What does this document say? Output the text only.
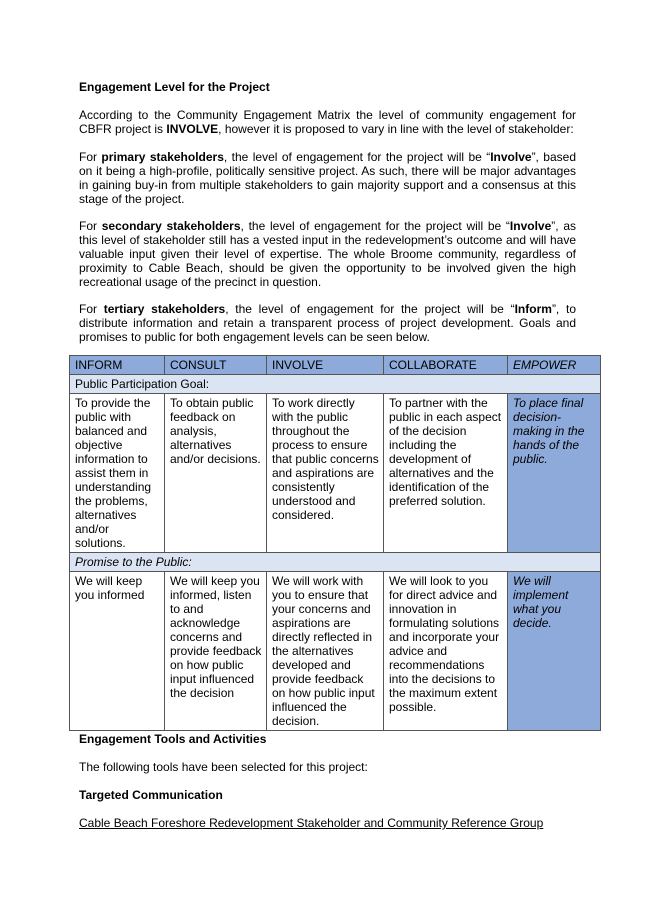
Engagement Level for the Project
According to the Community Engagement Matrix the level of community engagement for CBFR project is INVOLVE, however it is proposed to vary in line with the level of stakeholder:
For primary stakeholders, the level of engagement for the project will be “Involve”, based on it being a high-profile, politically sensitive project. As such, there will be major advantages in gaining buy-in from multiple stakeholders to gain majority support and a consensus at this stage of the project.
For secondary stakeholders, the level of engagement for the project will be “Involve”, as this level of stakeholder still has a vested input in the redevelopment’s outcome and will have valuable input given their level of expertise. The whole Broome community, regardless of proximity to Cable Beach, should be given the opportunity to be involved given the high recreational usage of the precinct in question.
For tertiary stakeholders, the level of engagement for the project will be “Inform”, to distribute information and retain a transparent process of project development. Goals and promises to public for both engagement levels can be seen below.
INFORM	CONSULT	INVOLVE	COLLABORATE	EMPOWER
Public Participation Goal:				
To provide the public with balanced and objective information to assist them in understanding the problems, alternatives and/or solutions.	To obtain public feedback on analysis, alternatives and/or decisions.	To work directly with the public throughout the process to ensure that public concerns and aspirations are consistently understood and considered.	To partner with the public in each aspect of the decision including the development of alternatives and the identification of the preferred solution.	To place final decision-making in the hands of the public.
Promise to the Public:				
We will keep you informed	We will keep you informed, listen to and acknowledge concerns and provide feedback on how public input influenced the decision	We will work with you to ensure that your concerns and aspirations are directly reflected in the alternatives developed and provide feedback on how public input influenced the decision.	We will look to you for direct advice and innovation in formulating solutions and incorporate your advice and recommendations into the decisions to the maximum extent possible.	We will implement what you decide.
Engagement Tools and Activities
The following tools have been selected for this project:
Targeted Communication
Cable Beach Foreshore Redevelopment Stakeholder and Community Reference Group
